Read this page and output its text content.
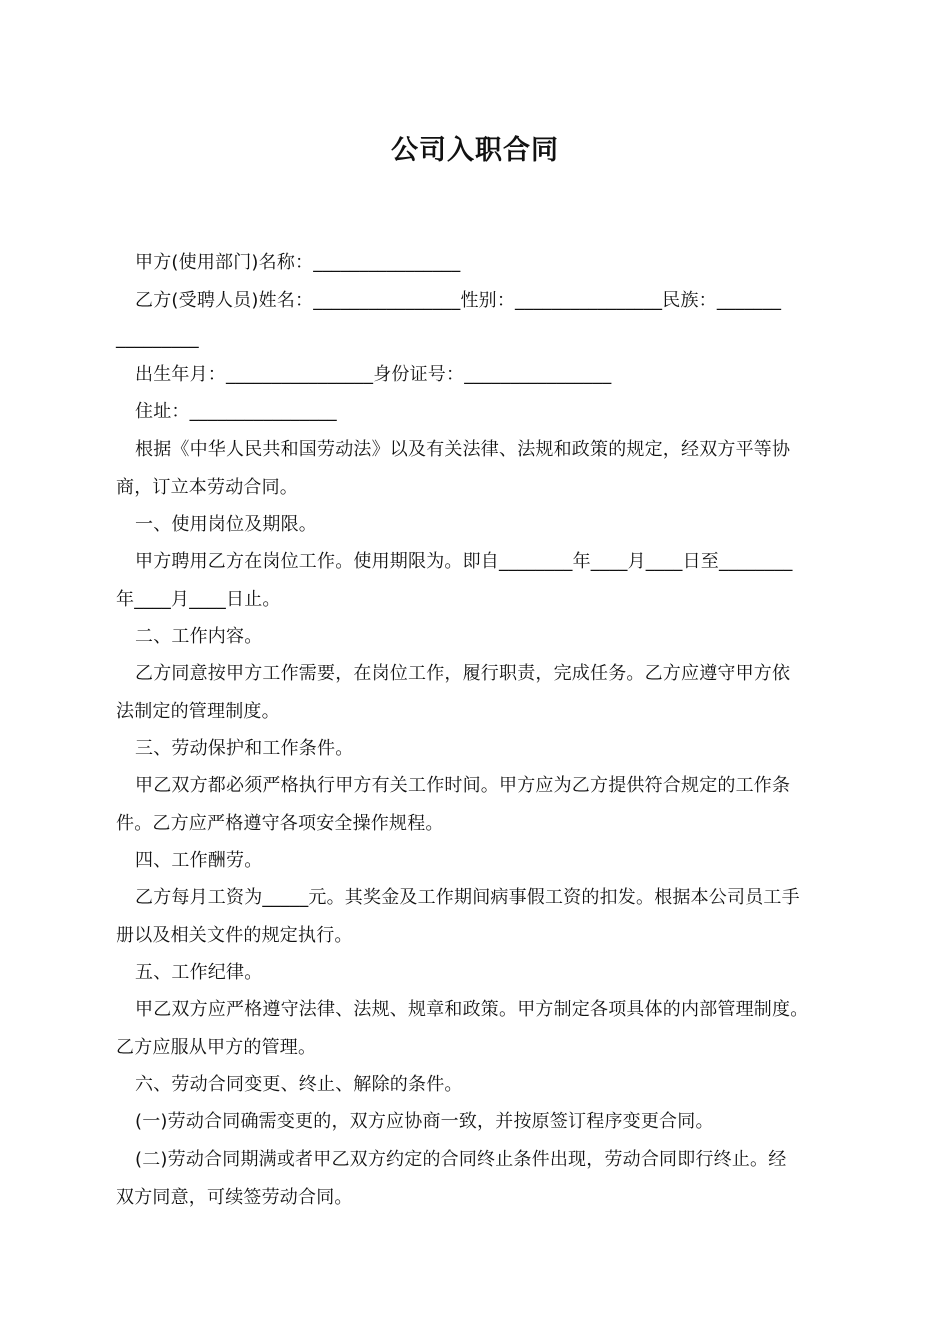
公司入职合同
甲方(使用部门)名称：________________
乙方(受聘人员)姓名：________________性别：________________民族：_______
_________
出生年月：________________身份证号：________________
住址：________________
根据《中华人民共和国劳动法》以及有关法律、法规和政策的规定，经双方平等协
商，订立本劳动合同。
一、使用岗位及期限。
甲方聘用乙方在岗位工作。使用期限为。即自________年____月____日至________
年____月____日止。
二、工作内容。
乙方同意按甲方工作需要，在岗位工作，履行职责，完成任务。乙方应遵守甲方依
法制定的管理制度。
三、劳动保护和工作条件。
甲乙双方都必须严格执行甲方有关工作时间。甲方应为乙方提供符合规定的工作条
件。乙方应严格遵守各项安全操作规程。
四、工作酬劳。
乙方每月工资为_____元。其奖金及工作期间病事假工资的扣发。根据本公司员工手
册以及相关文件的规定执行。
五、工作纪律。
甲乙双方应严格遵守法律、法规、规章和政策。甲方制定各项具体的内部管理制度。
乙方应服从甲方的管理。
六、劳动合同变更、终止、解除的条件。
(一)劳动合同确需变更的，双方应协商一致，并按原签订程序变更合同。
(二)劳动合同期满或者甲乙双方约定的合同终止条件出现，劳动合同即行终止。经
双方同意，可续签劳动合同。
